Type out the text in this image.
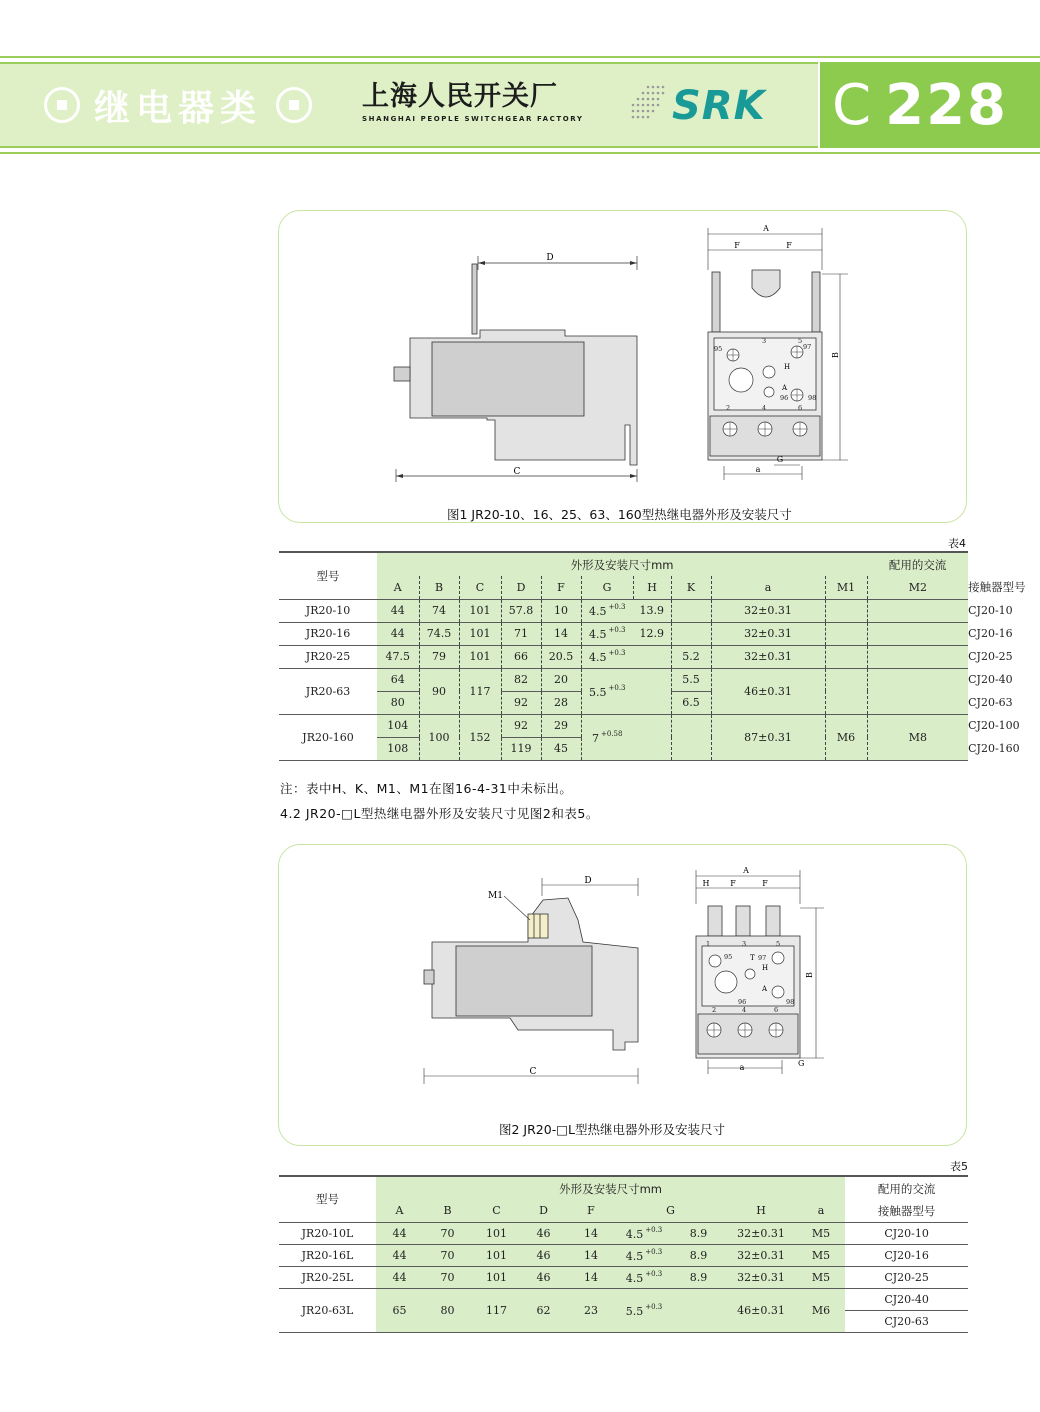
继电器类	上海人民开关厂
SHANGHAI PEOPLE SWITCHGEAR FACTORY SRK C 228
D
C
A
F	F
B
a
G
H
A
95
96
97
98
2
3
4
5
6
图1 JR20-10、16、25、63、160型热继电器外形及安装尺寸
表4
型号	外形及安装尺寸mm										配用的交流	
	A	B	C	D	F	G	H	K	a	M1	M2	接触器型号
JR20-10	44	74	101	57.8	10	4.5 $^{+0.3}$	13.9		32±0.31			CJ20-10
JR20-16	44	74.5	101	71	14	4.5 $^{+0.3}$	12.9		32±0.31			CJ20-16
JR20-25	47.5	79	101	66	20.5	4.5 $^{+0.3}$		5.2	32±0.31			CJ20-25
JR20-63	64	90	117	82	20	5.5 $^{+0.3}$		5.5	46±0.31			CJ20-40
	80			92	28			6.5				CJ20-63
JR20-160	104	100	152	92	29	7 $^{+0.58}$			87±0.31	M6	M8	CJ20-100
	108			119	45							CJ20-160
注：表中H、K、M1、M1在图16-4-31中未标出。
4.2 JR20-□L型热继电器外形及安装尺寸见图2和表5。
D
C
M1
A
H	F	F
B
a	G
T
H
A
95
96
97
98
1
2
3
4
5
6
图2 JR20-□L型热继电器外形及安装尺寸
表5
型号	外形及安装尺寸mm									配用的交流
	A	B	C	D	F	G		H	a	接触器型号
JR20-10L	44	70	101	46	14	4.5 $^{+0.3}$	8.9	32±0.31	M5	CJ20-10
JR20-16L	44	70	101	46	14	4.5 $^{+0.3}$	8.9	32±0.31	M5	CJ20-16
JR20-25L	44	70	101	46	14	4.5 $^{+0.3}$	8.9	32±0.31	M5	CJ20-25
JR20-63L	65	80	117	62	23	5.5 $^{+0.3}$		46±0.31	M6	CJ20-40
										CJ20-63
